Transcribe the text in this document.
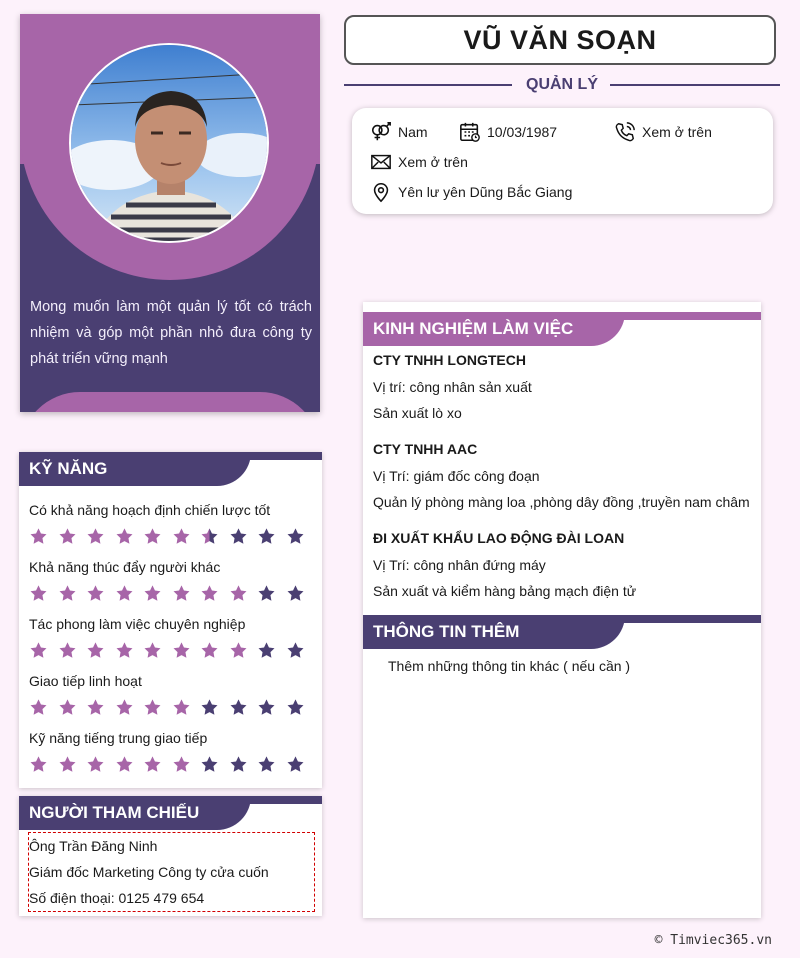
Mong muốn làm một quản lý tốt có trách nhiệm và góp một phần nhỏ đưa công ty phát triển vững mạnh
VŨ VĂN SOẠN
QUẢN LÝ
Nam	10/03/1987	Xem ở trên
Xem ở trên
Yên lư yên Dũng Bắc Giang
KỸ NĂNG
Có khả năng hoạch định chiến lược tốt
Khả năng thúc đẩy người khác
Tác phong làm việc chuyên nghiệp
Giao tiếp linh hoạt
Kỹ năng tiếng trung giao tiếp
NGƯỜI THAM CHIẾU
Ông Trần Đăng Ninh
Giám đốc Marketing Công ty cửa cuốn
Số điện thoại: 0125 479 654
KINH NGHIỆM LÀM VIỆC
CTY TNHH LONGTECH
Vị trí: công nhân sản xuất
Sản xuất lò xo
CTY TNHH AAC
Vị Trí: giám đốc công đoạn
Quản lý phòng màng loa ,phòng dây đồng ,truyền nam châm
ĐI XUẤT KHẨU LAO ĐỘNG ĐÀI LOAN
Vị Trí: công nhân đứng máy
Sản xuất và kiểm hàng bảng mạch điện tử
THÔNG TIN THÊM
Thêm những thông tin khác ( nếu cần )
© Timviec365.vn
